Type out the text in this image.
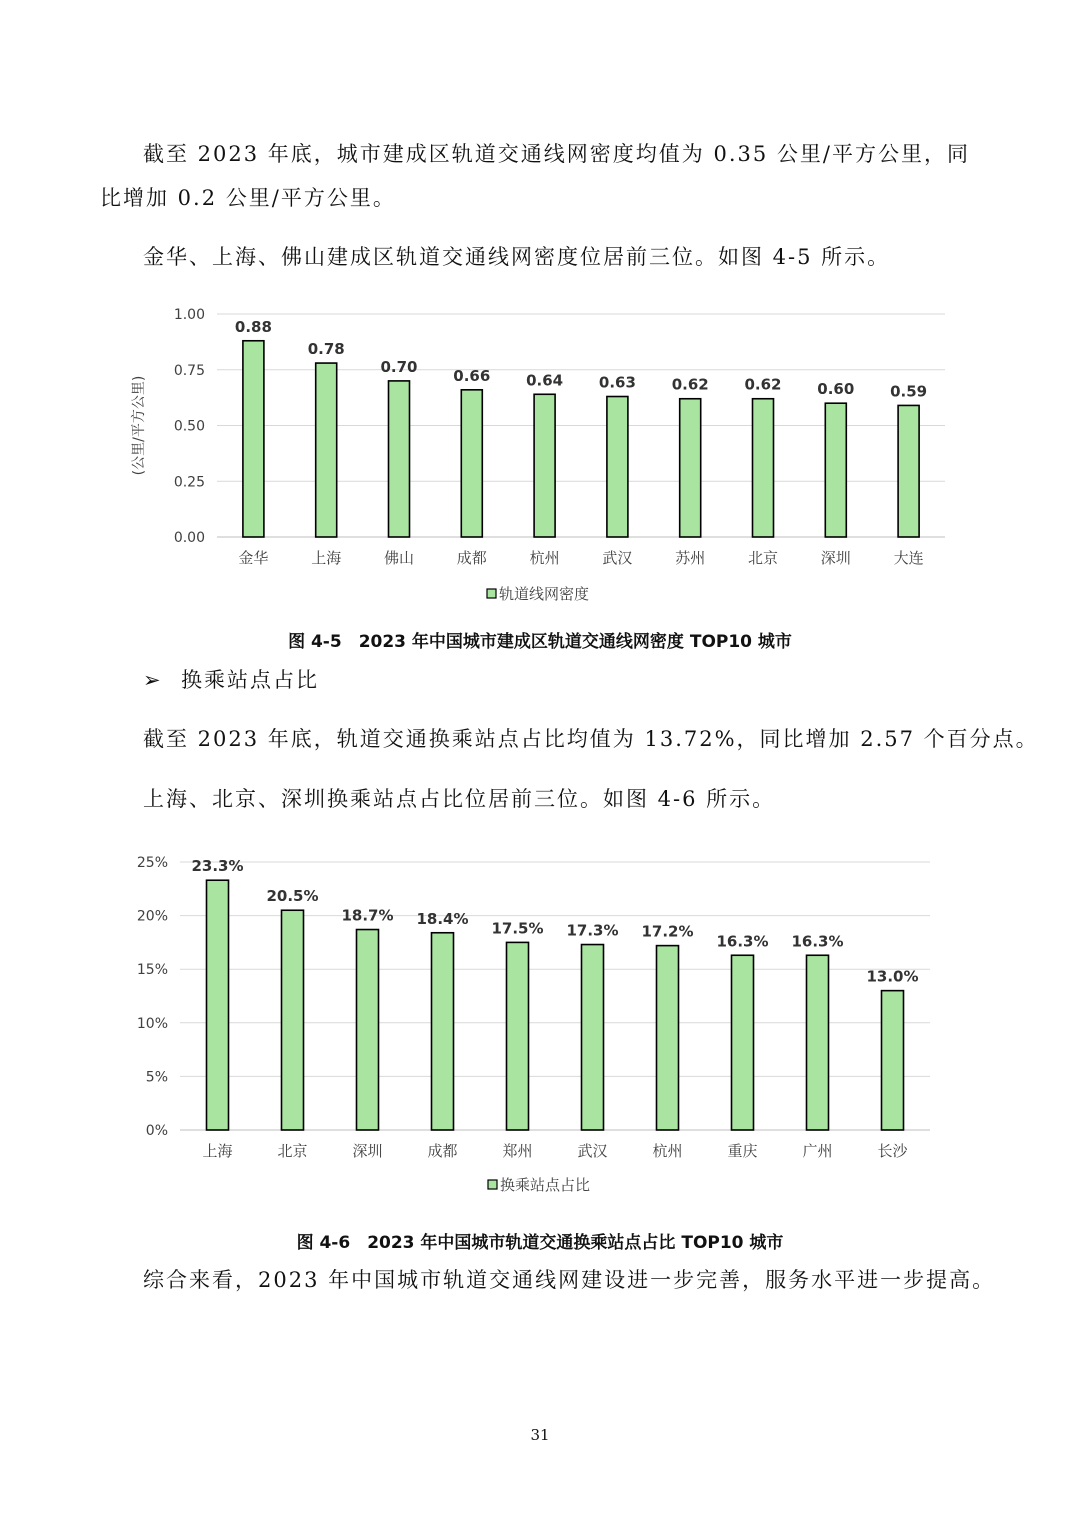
截至 2023 年底，城市建成区轨道交通线网密度均值为 0.35 公里/平方公里，同比增加 0.2 公里/平方公里。

金华、上海、佛山建成区轨道交通线网密度位居前三位。如图 4-5 所示。

0.00
0.25
0.50
0.75
1.00
(公里/平方公里)
0.88
金华
0.78
上海
0.70
佛山
0.66
成都
0.64
杭州
0.63
武汉
0.62
苏州
0.62
北京
0.60
深圳
0.59
大连
轨道线网密度
图 4-5　2023 年中国城市建成区轨道交通线网密度 TOP10 城市
➢ 换乘站点占比

截至 2023 年底，轨道交通换乘站点占比均值为 13.72%，同比增加 2.57 个百分点。

上海、北京、深圳换乘站点占比位居前三位。如图 4-6 所示。

0%
5%
10%
15%
20%
25% 23.3%
上海
20.5%
北京
18.7%
深圳
18.4%
成都
17.5%
郑州
17.3%
武汉
17.2%
杭州
16.3%
重庆
16.3%
广州
13.0%
长沙
换乘站点占比
图 4-6　2023 年中国城市轨道交通换乘站点占比 TOP10 城市

综合来看，2023 年中国城市轨道交通线网建设进一步完善，服务水平进一步提高。

31
